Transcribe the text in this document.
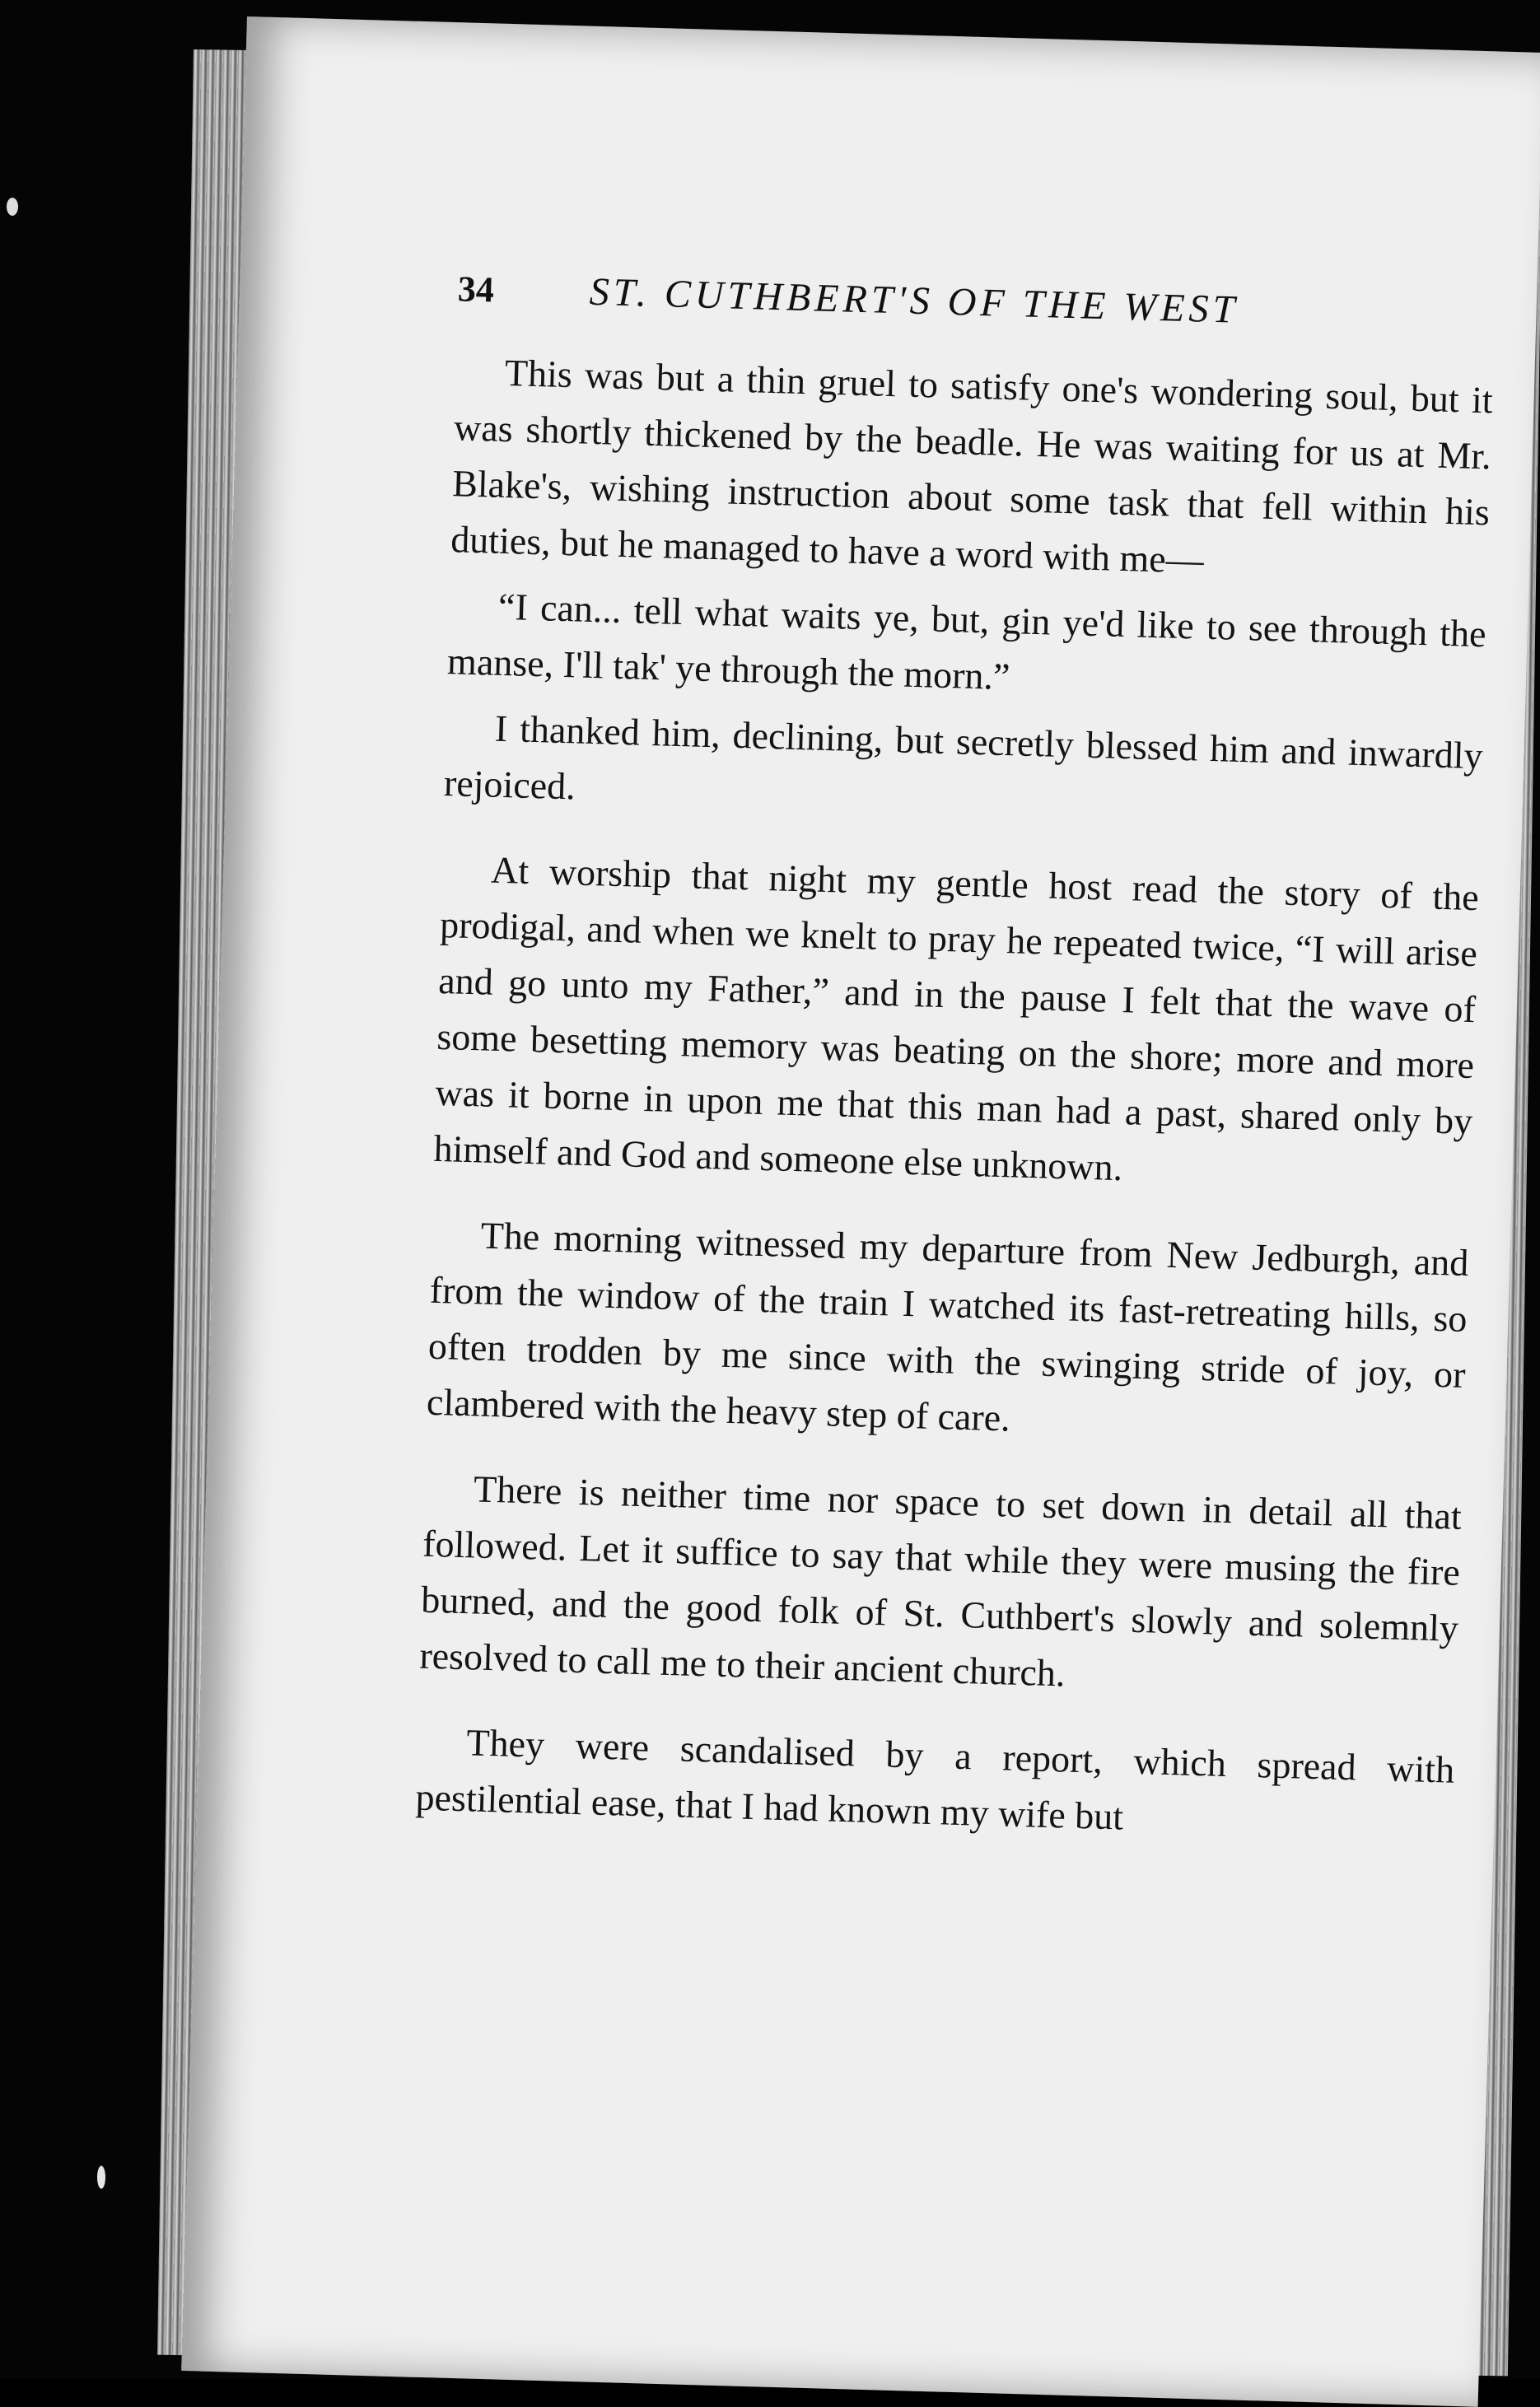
34	ST. CUTHBERT'S OF THE WEST

This was but a thin gruel to satisfy one's wondering soul, but it was shortly thickened by the beadle. He was waiting for us at Mr. Blake's, wishing instruction about some task that fell within his duties, but he managed to have a word with me—

“I can... tell what waits ye, but, gin ye'd like to see through the manse, I'll tak' ye through the morn.”

I thanked him, declining, but secretly blessed him and inwardly rejoiced.

At worship that night my gentle host read the story of the prodigal, and when we knelt to pray he repeated twice, “I will arise and go unto my Father,” and in the pause I felt that the wave of some besetting memory was beating on the shore; more and more was it borne in upon me that this man had a past, shared only by himself and God and someone else unknown.

The morning witnessed my departure from New Jedburgh, and from the window of the train I watched its fast-retreating hills, so often trodden by me since with the swinging stride of joy, or clambered with the heavy step of care.

There is neither time nor space to set down in detail all that followed. Let it suffice to say that while they were musing the fire burned, and the good folk of St. Cuthbert's slowly and solemnly resolved to call me to their ancient church.

They were scandalised by a report, which spread with pestilential ease, that I had known my wife but
